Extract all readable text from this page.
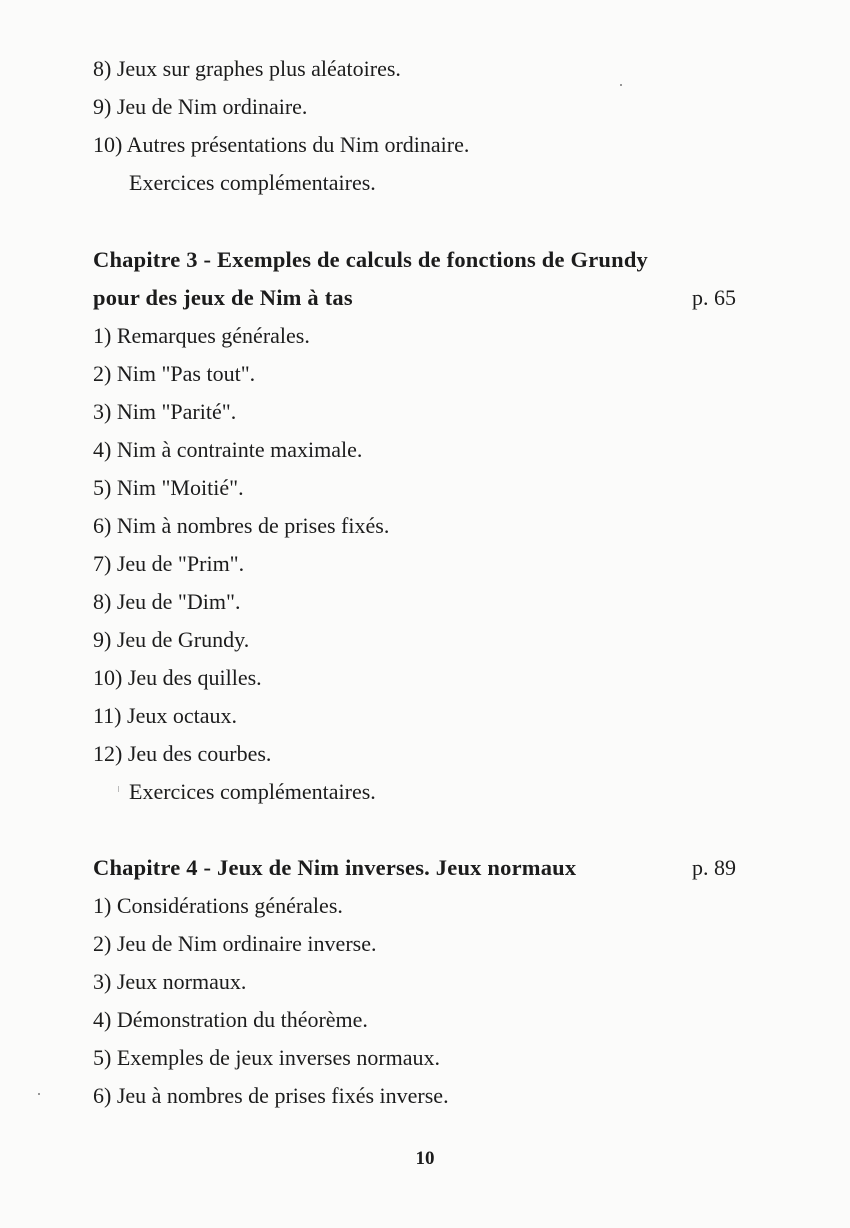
8) Jeux sur graphes plus aléatoires.
9) Jeu de Nim ordinaire.
10) Autres présentations du Nim ordinaire.
Exercices complémentaires.
Chapitre 3 - Exemples de calculs de fonctions de Grundy
pour des jeux de Nim à tas	p. 65
1) Remarques générales.
2) Nim "Pas tout".
3) Nim "Parité".
4) Nim à contrainte maximale.
5) Nim "Moitié".
6) Nim à nombres de prises fixés.
7) Jeu de "Prim".
8) Jeu de "Dim".
9) Jeu de Grundy.
10) Jeu des quilles.
11) Jeux octaux.
12) Jeu des courbes.
Exercices complémentaires.
Chapitre 4 - Jeux de Nim inverses. Jeux normaux	p. 89
1) Considérations générales.
2) Jeu de Nim ordinaire inverse.
3) Jeux normaux.
4) Démonstration du théorème.
5) Exemples de jeux inverses normaux.
6) Jeu à nombres de prises fixés inverse.
10
